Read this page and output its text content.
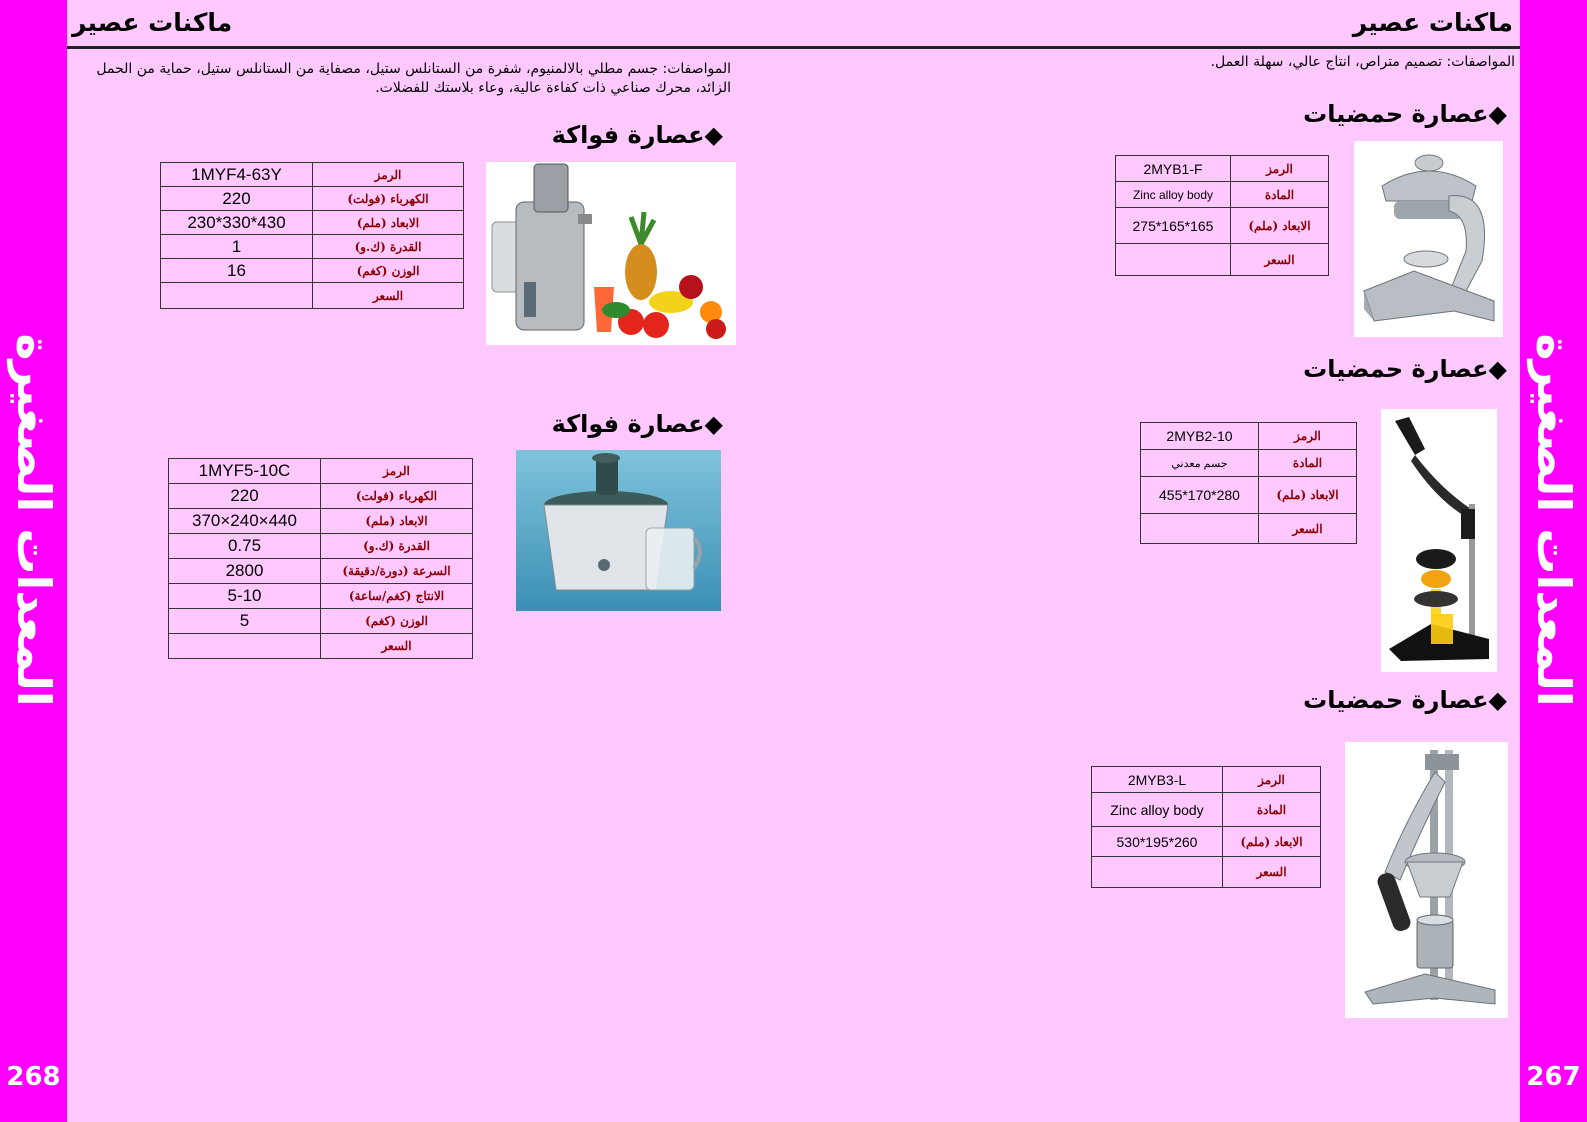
المعدات الصغيرة
268
المعدات الصغيرة
267
ماكنات عصير	ماكنات عصير
المواصفات: جسم مطلي بالالمنيوم، شفرة من الستانلس ستيل، مصفاية من الستانلس ستيل، حماية من الحمل الزائد، محرك صناعي ذات كفاءة عالية، وعاء بلاستك للفضلات.
المواصفات: تصميم متراص، انتاج عالي، سهلة العمل.
◆عصارة فواكة
1MYF4-63Y	الرمز
220	الكهرباء (فولت)
230*330*430	الابعاد (ملم)
1	القدرة (ك.و)
16	الوزن (كغم)
	السعر
◆عصارة فواكة
1MYF5-10C	الرمز
220	الكهرباء (فولت)
370×240×440	الابعاد (ملم)
0.75	القدرة (ك.و)
2800	السرعة (دورة/دقيقة)
5-10	الانتاج (كغم/ساعة)
5	الوزن (كغم)
	السعر
◆عصارة حمضيات
2MYB1-F	الرمز
Zinc alloy body	المادة
275*165*165	الابعاد (ملم)
	السعر
◆عصارة حمضيات
2MYB2-10	الرمز
جسم معدني	المادة
455*170*280	الابعاد (ملم)
	السعر
◆عصارة حمضيات
2MYB3-L	الرمز
Zinc alloy body	المادة
530*195*260	الابعاد (ملم)
	السعر
